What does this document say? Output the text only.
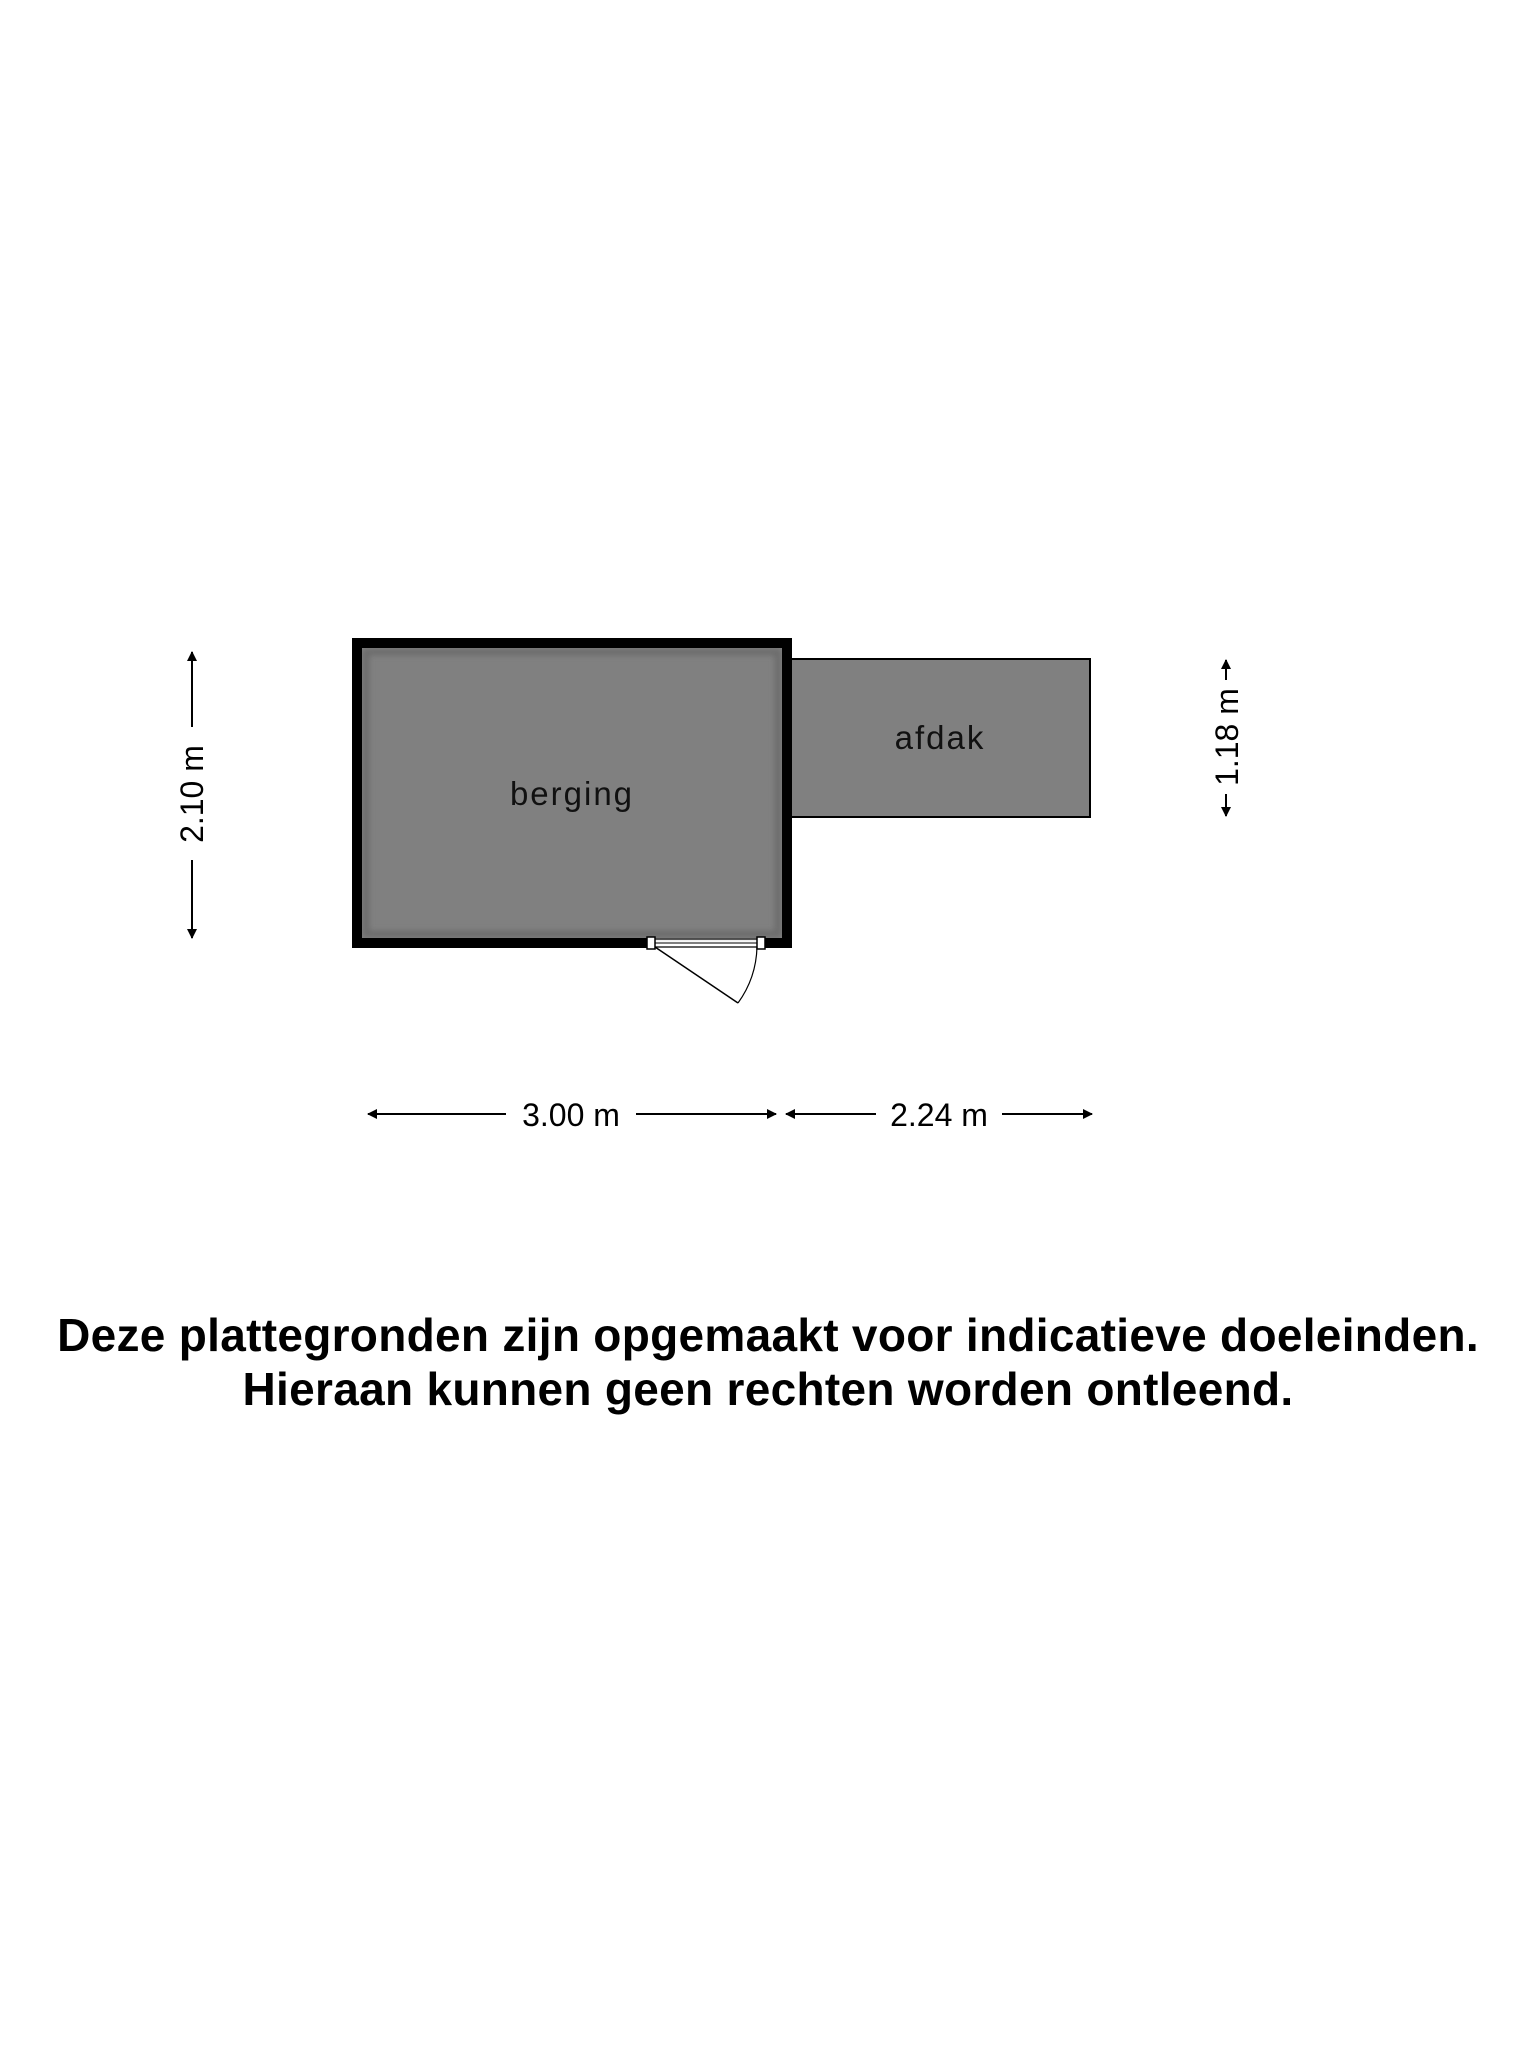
afdak
berging
3.00 m	2.24 m
2.10 m
1.18 m
Deze plattegronden zijn opgemaakt voor indicatieve doeleinden.
Hieraan kunnen geen rechten worden ontleend.
